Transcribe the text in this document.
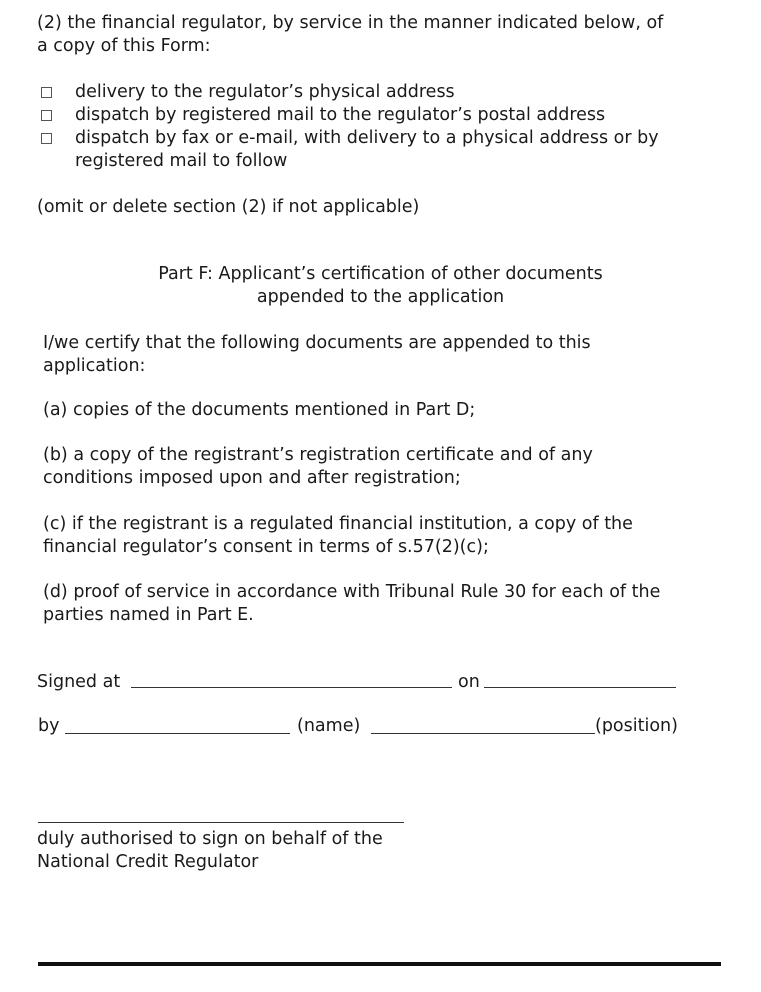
(2) the financial regulator, by service in the manner indicated below, of
a copy of this Form:
delivery to the regulator’s physical address
dispatch by registered mail to the regulator’s postal address
dispatch by fax or e-mail, with delivery to a physical address or by
registered mail to follow
(omit or delete section (2) if not applicable)
Part F: Applicant’s certification of other documents
appended to the application
I/we certify that the following documents are appended to this
application:
(a) copies of the documents mentioned in Part D;
(b) a copy of the registrant’s registration certificate and of any
conditions imposed upon and after registration;
(c) if the registrant is a regulated financial institution, a copy of the
financial regulator’s consent in terms of s.57(2)(c);
(d) proof of service in accordance with Tribunal Rule 30 for each of the
parties named in Part E.
Signed at	on
by	(name)	(position)
duly authorised to sign on behalf of the
National Credit Regulator
